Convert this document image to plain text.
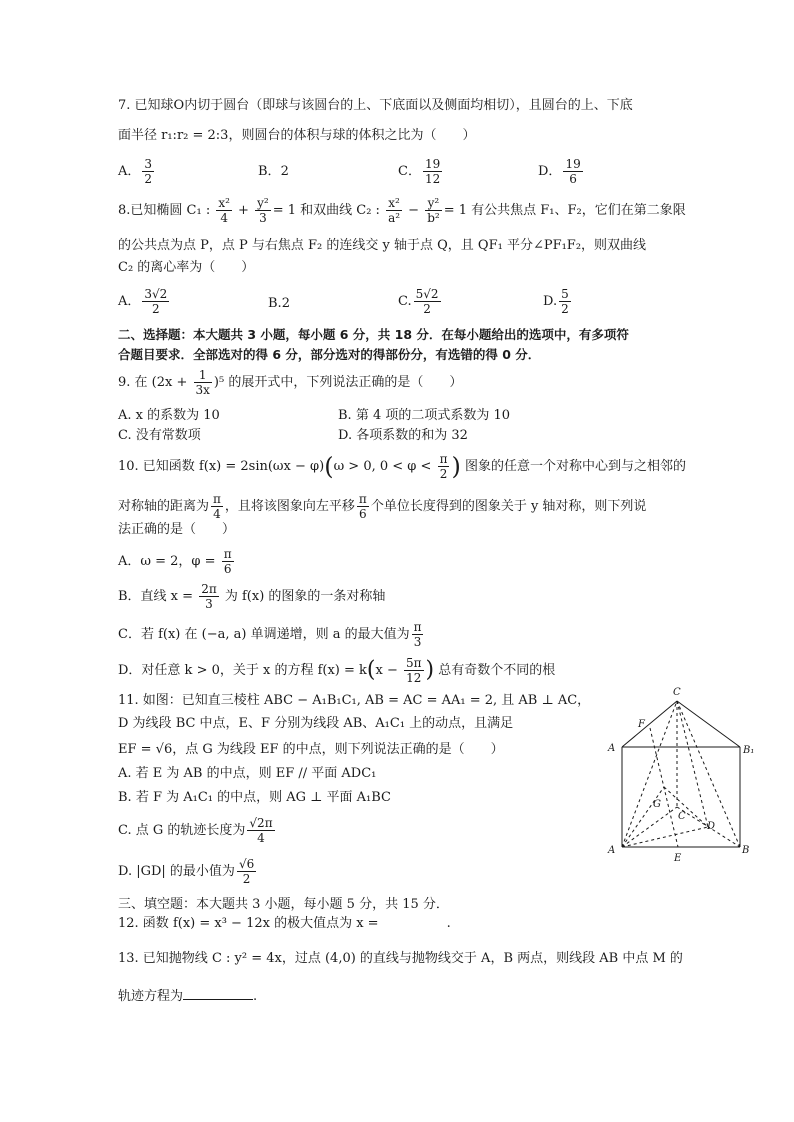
7. 已知球O内切于圆台（即球与该圆台的上、下底面以及侧面均相切），且圆台的上、下底
面半径 r₁:r₂ = 2:3，则圆台的体积与球的体积之比为（　　）
A． $\frac{3}{2}$	B．2	C． $\frac{19}{12}$	D． $\frac{19}{6}$
8.已知椭圆 C₁ : $\frac{\text{x²}}{4} + \frac{\text{y²}}{3} = 1$ 和双曲线 C₂ : $\frac{\text{x²}}{\text{a²}} - \frac{\text{y²}}{\text{b²}} = 1$ 有公共焦点 F₁、F₂，它们在第二象限
的公共点为点 P，点 P 与右焦点 F₂ 的连线交 y 轴于点 Q，且 QF₁ 平分∠PF₁F₂，则双曲线
C₂ 的离心率为（　　）
A． $\frac{3√2}{2}$	B.2	C. $\frac{5√2}{2}$	D. $\frac{5}{2}$
二、选择题：本大题共 3 小题，每小题 6 分，共 18 分．在每小题给出的选项中，有多项符
合题目要求．全部选对的得 6 分，部分选对的得部份分，有选错的得 0 分．
9. 在 $(2x + \frac{1}{3x} )^5$ 的展开式中，下列说法正确的是（　　）
A. x 的系数为 10	B. 第 4 项的二项式系数为 10
C. 没有常数项	D. 各项系数的和为 32
10. 已知函数 f(x) = 2sin(ωx − φ)(ω > 0, $0 < \varphi < \frac{\pi}{2}$ ) 图象的任意一个对称中心到与之相邻的
对称轴的距离为 $\frac{\pi}{4}$ ，且将该图象向左平移 $\frac{\pi}{6}$ 个单位长度得到的图象关于 y 轴对称，则下列说
法正确的是（　　）
A．ω = 2，$\varphi = \frac{\pi}{6}$
B．直线 $x = \frac{2\pi}{3}$ 为 f(x) 的图象的一条对称轴
C．若 f(x) 在 (−a, a) 单调递增，则 a 的最大值为 $\frac{\pi}{3}$
D．对任意 k > 0，关于 x 的方程 $f(x) = k(x - \frac{5\pi}{12}$ ) 总有奇数个不同的根
11. 如图：已知直三棱柱 ABC − A₁B₁C₁, AB = AC = AA₁ = 2, 且 AB ⊥ AC，
D 为线段 BC 中点，E、F 分别为线段 AB、A₁C₁ 上的动点，且满足
EF = √6，点 G 为线段 EF 的中点，则下列说法正确的是（　　）
A. 若 E 为 AB 的中点，则 EF // 平面 ADC₁
B. 若 F 为 A₁C₁ 的中点，则 AG ⊥ 平面 A₁BC
C. 点 G 的轨迹长度为 $\frac{√2\pi}{4}$
D. |GD| 的最小值为 $\frac{√6}{2}$
C
F
A	B₁
G
C
D
A
E
B
三、填空题：本大题共 3 小题，每小题 5 分，共 15 分．
12. 函数 f(x) = x³ − 12x 的极大值点为 x =	.
13. 已知抛物线 C : y² = 4x，过点 (4,0) 的直线与抛物线交于 A，B 两点，则线段 AB 中点 M 的
轨迹方程为	.
